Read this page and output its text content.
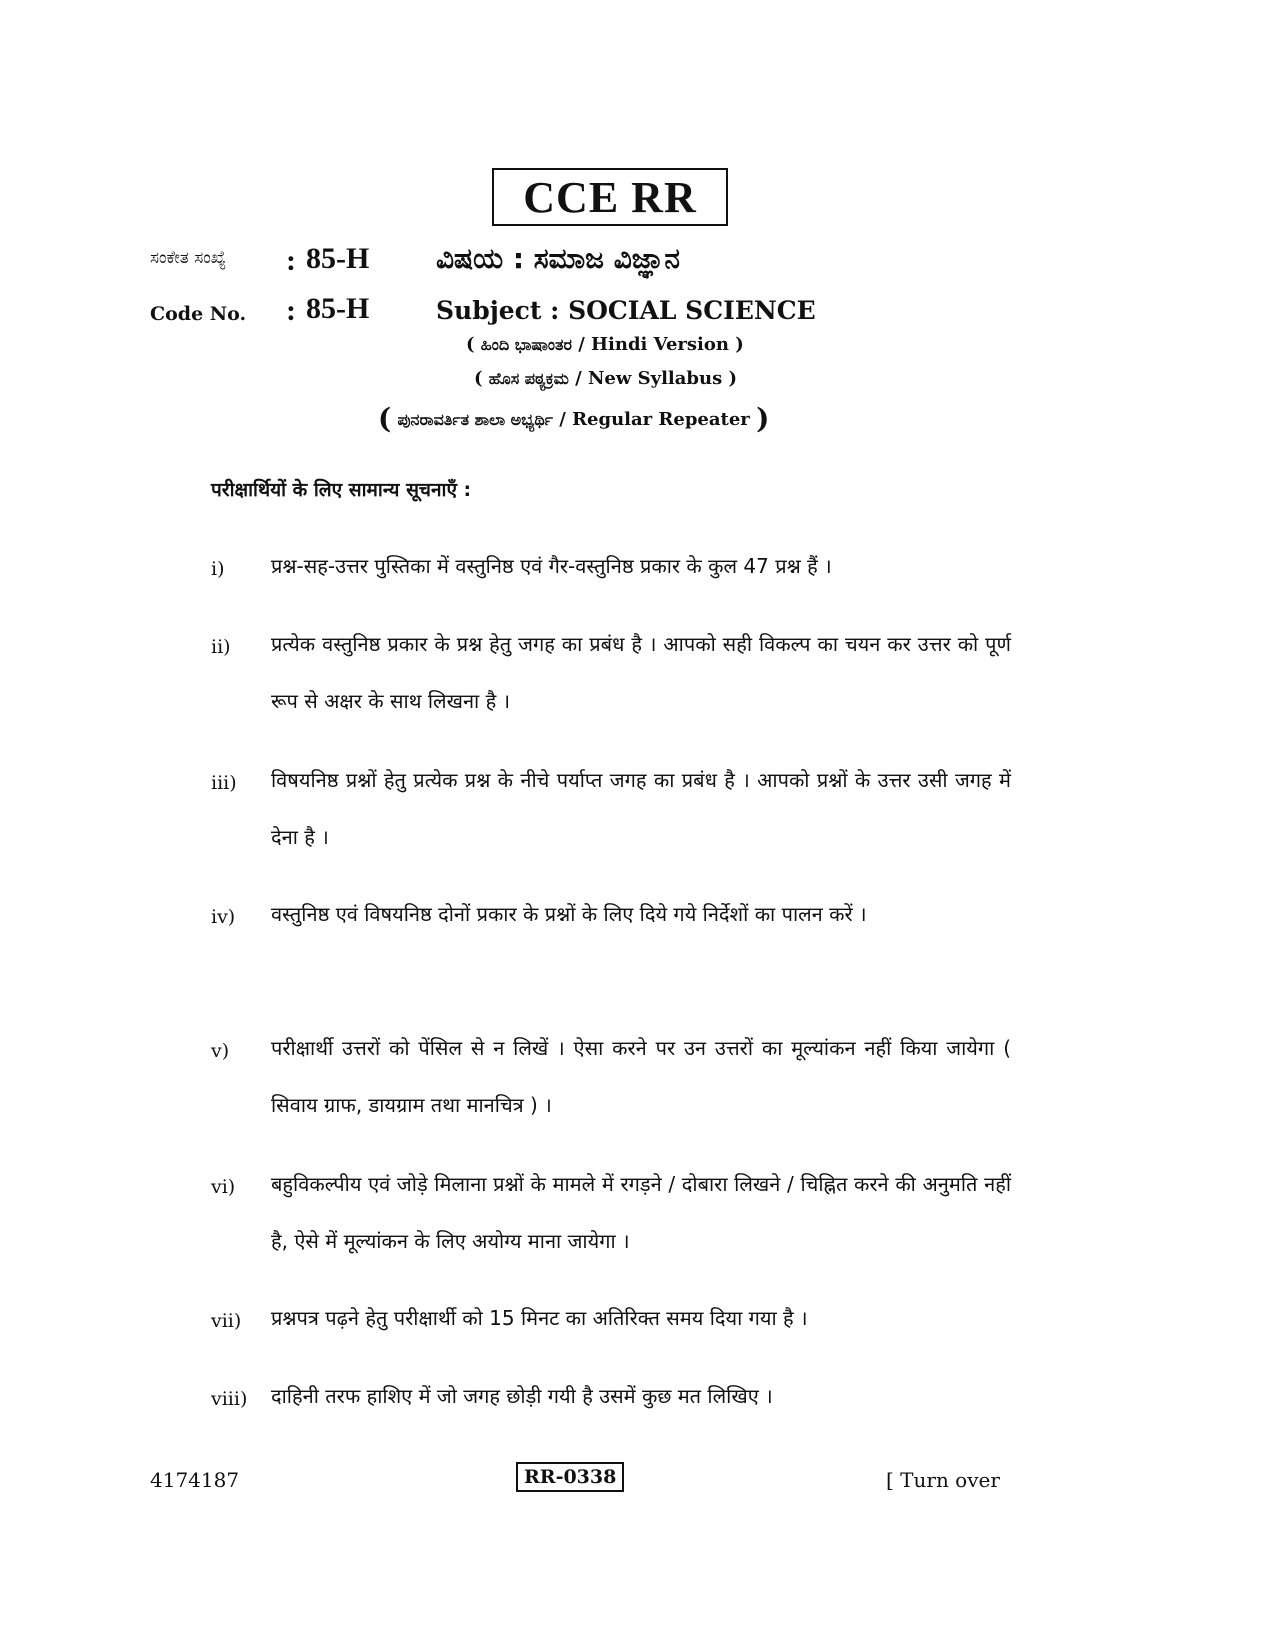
CCE RR
ಸಂಕೇತ ಸಂಖ್ಯೆ : 85-H ವಿಷಯ : ಸಮಾಜ ವಿಜ್ಞಾನ
Code No. : 85-H	Subject : SOCIAL SCIENCE
( ಹಿಂದಿ ಭಾಷಾಂತರ / Hindi Version )
( ಹೊಸ ಪಠ್ಯಕ್ರಮ / New Syllabus )
( ಪುನರಾವರ್ತಿತ ಶಾಲಾ ಅಭ್ಯರ್ಥಿ / Regular Repeater )
परीक्षार्थियों के लिए सामान्य सूचनाएँ :
i) प्रश्न-सह-उत्तर पुस्तिका में वस्तुनिष्ठ एवं गैर-वस्तुनिष्ठ प्रकार के कुल 47 प्रश्न हैं ।
ii) प्रत्येक वस्तुनिष्ठ प्रकार के प्रश्न हेतु जगह का प्रबंध है । आपको सही विकल्प का चयन कर उत्तर को पूर्ण रूप से अक्षर के साथ लिखना है ।
iii) विषयनिष्ठ प्रश्नों हेतु प्रत्येक प्रश्न के नीचे पर्याप्त जगह का प्रबंध है । आपको प्रश्नों के उत्तर उसी जगह में देना है ।
iv) वस्तुनिष्ठ एवं विषयनिष्ठ दोनों प्रकार के प्रश्नों के लिए दिये गये निर्देशों का पालन करें ।
v) परीक्षार्थी उत्तरों को पेंसिल से न लिखें । ऐसा करने पर उन उत्तरों का मूल्यांकन नहीं किया जायेगा ( सिवाय ग्राफ, डायग्राम तथा मानचित्र ) ।
vi) बहुविकल्पीय एवं जोड़े मिलाना प्रश्नों के मामले में रगड़ने / दोबारा लिखने / चिह्नित करने की अनुमति नहीं है, ऐसे में मूल्यांकन के लिए अयोग्य माना जायेगा ।
vii) प्रश्नपत्र पढ़ने हेतु परीक्षार्थी को 15 मिनट का अतिरिक्त समय दिया गया है ।
viii) दाहिनी तरफ हाशिए में जो जगह छोड़ी गयी है उसमें कुछ मत लिखिए ।
4174187	RR-0338	[ Turn over
